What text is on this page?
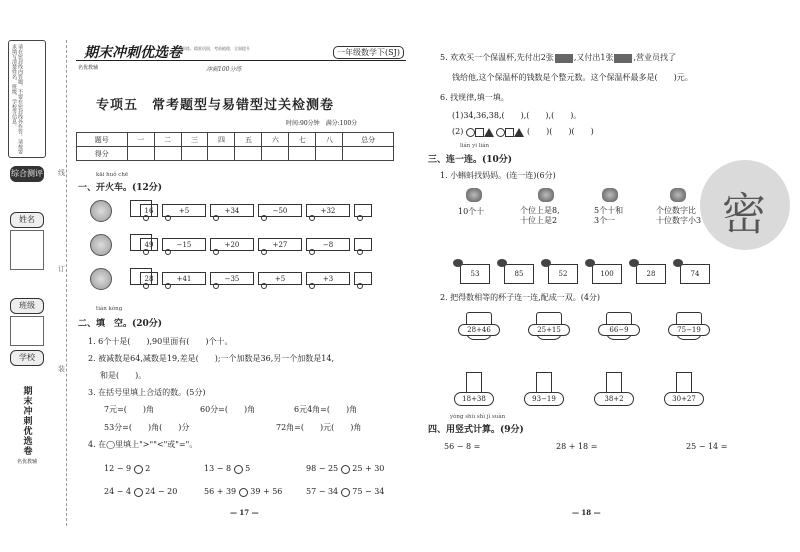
请在密封线内答题，不要在密封线外作答。请按要求填写清楚姓名、班级、学校等信息。
综合测评
姓名
班级
学校
期末冲刺优选卷
名优教辅
线
订
装
期末冲刺优选卷
专项训练，精准巩固，考前梳理，全面提升	一年级数学下(SJ)
名优教辅	冲刺100分练
专项五　常考题型与易错型过关检测卷
时间:90分钟　 满分:100分
题号	一	二	三	四	五	六	七	八	总分
得分									
kāi huǒ chē
一、开火车。(12分)
16	+5	+34	−50	+32
49	−15	+20	+27	−8
28	+41	−35	+5	+3
tián kòng
二、填　空。(20分)
1. 6个十是(　　),90里面有(　　)个十。
2. 被减数是64,减数是19,差是(　　);一个加数是36,另一个加数是14,
和是(　　)。
3. 在括号里填上合适的数。(5分)
7元=(　　)角	60分=(　　)角	6元4角=(　　)角
53分=(　　)角(　　)分	72角=(　　)元(　　)角
4. 在◯里填上">""<"或"="。
12 − 9 2	13 − 8 5	98 − 25 25 + 30
24 − 4 24 − 20	56 + 39 39 + 56	57 − 34 75 − 34
— 17 —
5. 欢欢买一个保温杯,先付出2张	,又付出1张	,营业员找了
钱给他,这个保温杯的钱数是个整元数。这个保温杯最多是(　　)元。
6. 找规律,填一填。
(1)34,36,38,(　　),(　　),(　　)。
(2)	(　　)(　　)(　　)
lián yi lián
三、连一连。(10分)
1. 小蝌蚪找妈妈。(连一连)(6分)
10个十	个位上是8,
十位上是2
5个十和
3个一
个位数字比
十位数字小3
53	85	52	100	28	74
2. 把得数相等的杯子连一连,配成一双。(4分)
28+46	25+15	66−9	75−19
18+38	93−19	38+2	30+27
yòng shù shì jì suàn
四、用竖式计算。(9分)
56 − 8 =	28 + 18 =	25 − 14 =
— 18 —
密
